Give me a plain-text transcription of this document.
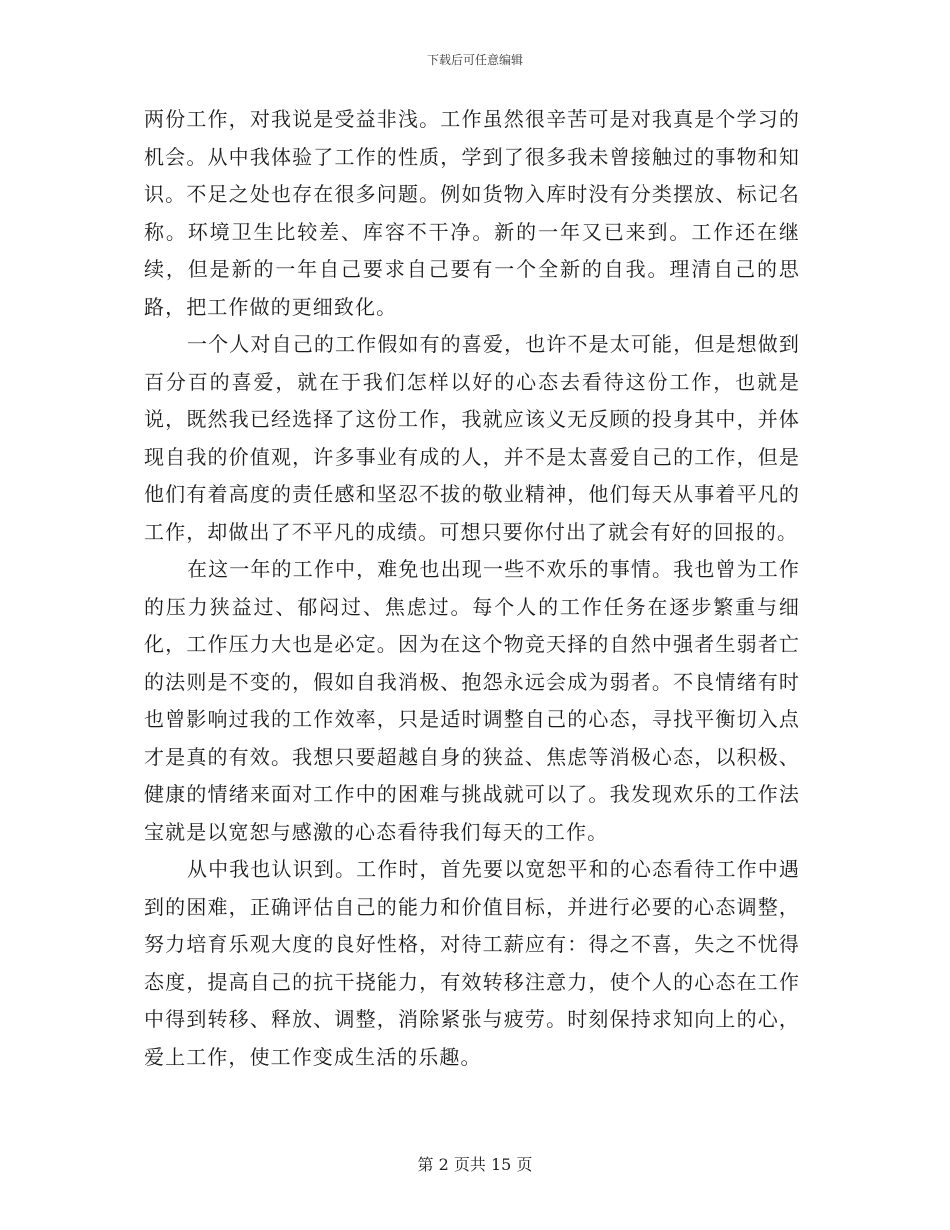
下载后可任意编辑

两份工作，对我说是受益非浅。工作虽然很辛苦可是对我真是个学习的机会。从中我体验了工作的性质，学到了很多我未曾接触过的事物和知识。不足之处也存在很多问题。例如货物入库时没有分类摆放、标记名称。环境卫生比较差、库容不干净。新的一年又已来到。工作还在继续，但是新的一年自己要求自己要有一个全新的自我。理清自己的思路，把工作做的更细致化。

一个人对自己的工作假如有的喜爱，也许不是太可能，但是想做到百分百的喜爱，就在于我们怎样以好的心态去看待这份工作，也就是说，既然我已经选择了这份工作，我就应该义无反顾的投身其中，并体现自我的价值观，许多事业有成的人，并不是太喜爱自己的工作，但是他们有着高度的责任感和坚忍不拔的敬业精神，他们每天从事着平凡的工作，却做出了不平凡的成绩。可想只要你付出了就会有好的回报的。

在这一年的工作中，难免也出现一些不欢乐的事情。我也曾为工作的压力狭益过、郁闷过、焦虑过。每个人的工作任务在逐步繁重与细化，工作压力大也是必定。因为在这个物竞天择的自然中强者生弱者亡的法则是不变的，假如自我消极、抱怨永远会成为弱者。不良情绪有时也曾影响过我的工作效率，只是适时调整自己的心态，寻找平衡切入点才是真的有效。我想只要超越自身的狭益、焦虑等消极心态，以积极、健康的情绪来面对工作中的困难与挑战就可以了。我发现欢乐的工作法宝就是以宽恕与感激的心态看待我们每天的工作。

从中我也认识到。工作时，首先要以宽恕平和的心态看待工作中遇到的困难，正确评估自己的能力和价值目标，并进行必要的心态调整，努力培育乐观大度的良好性格，对待工薪应有：得之不喜，失之不忧得态度，提高自己的抗干挠能力，有效转移注意力，使个人的心态在工作中得到转移、释放、调整，消除紧张与疲劳。时刻保持求知向上的心，爱上工作，使工作变成生活的乐趣。

第 2 页共 15 页
